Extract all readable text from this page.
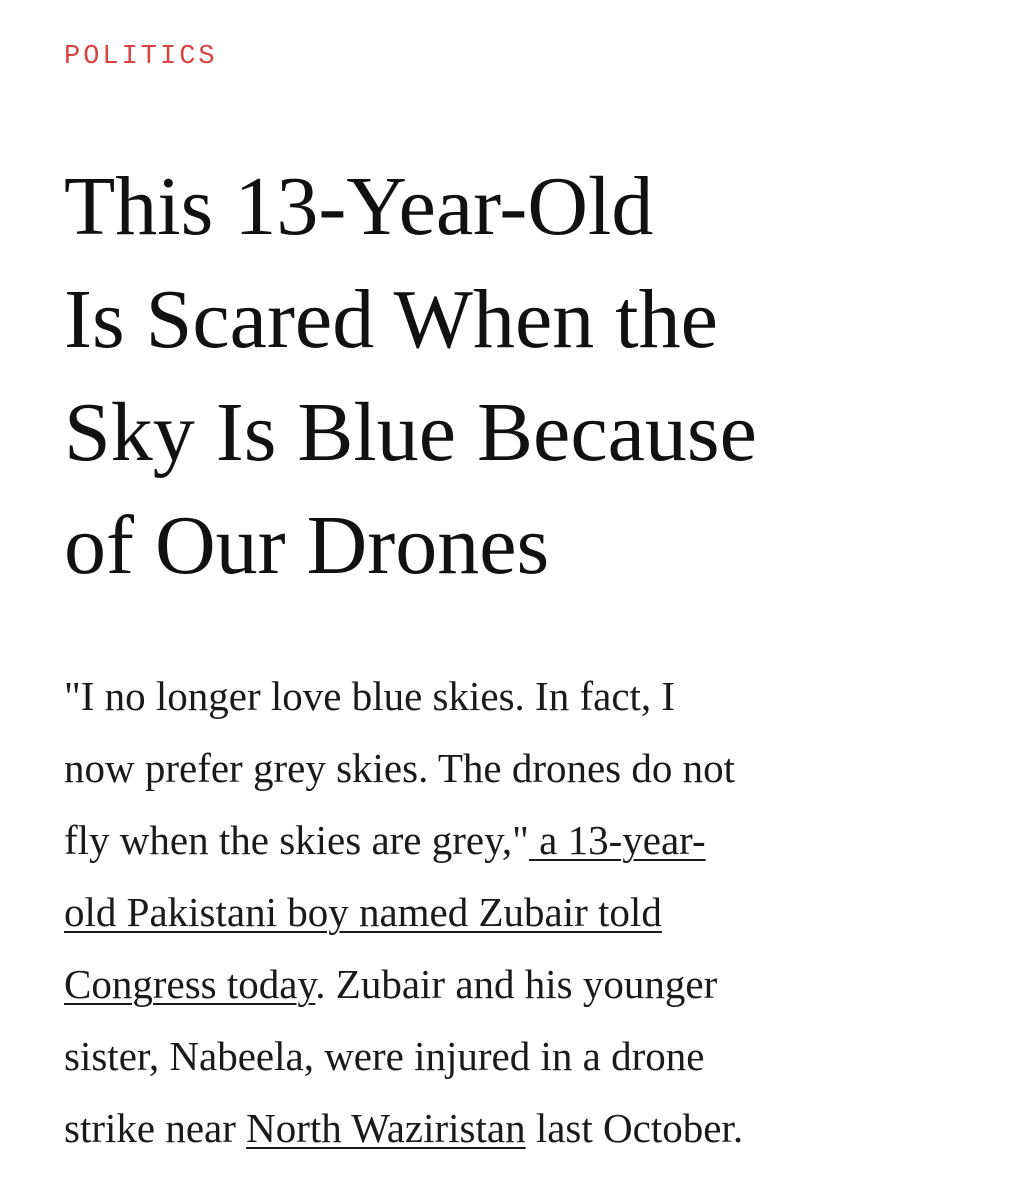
POLITICS
This 13-Year-Old
Is Scared When the
Sky Is Blue Because
of Our Drones

"I no longer love blue skies. In fact, I
now prefer grey skies. The drones do not
fly when the skies are grey," a 13-year-
old Pakistani boy named Zubair told
Congress today. Zubair and his younger
sister, Nabeela, were injured in a drone
strike near North Waziristan last October.
